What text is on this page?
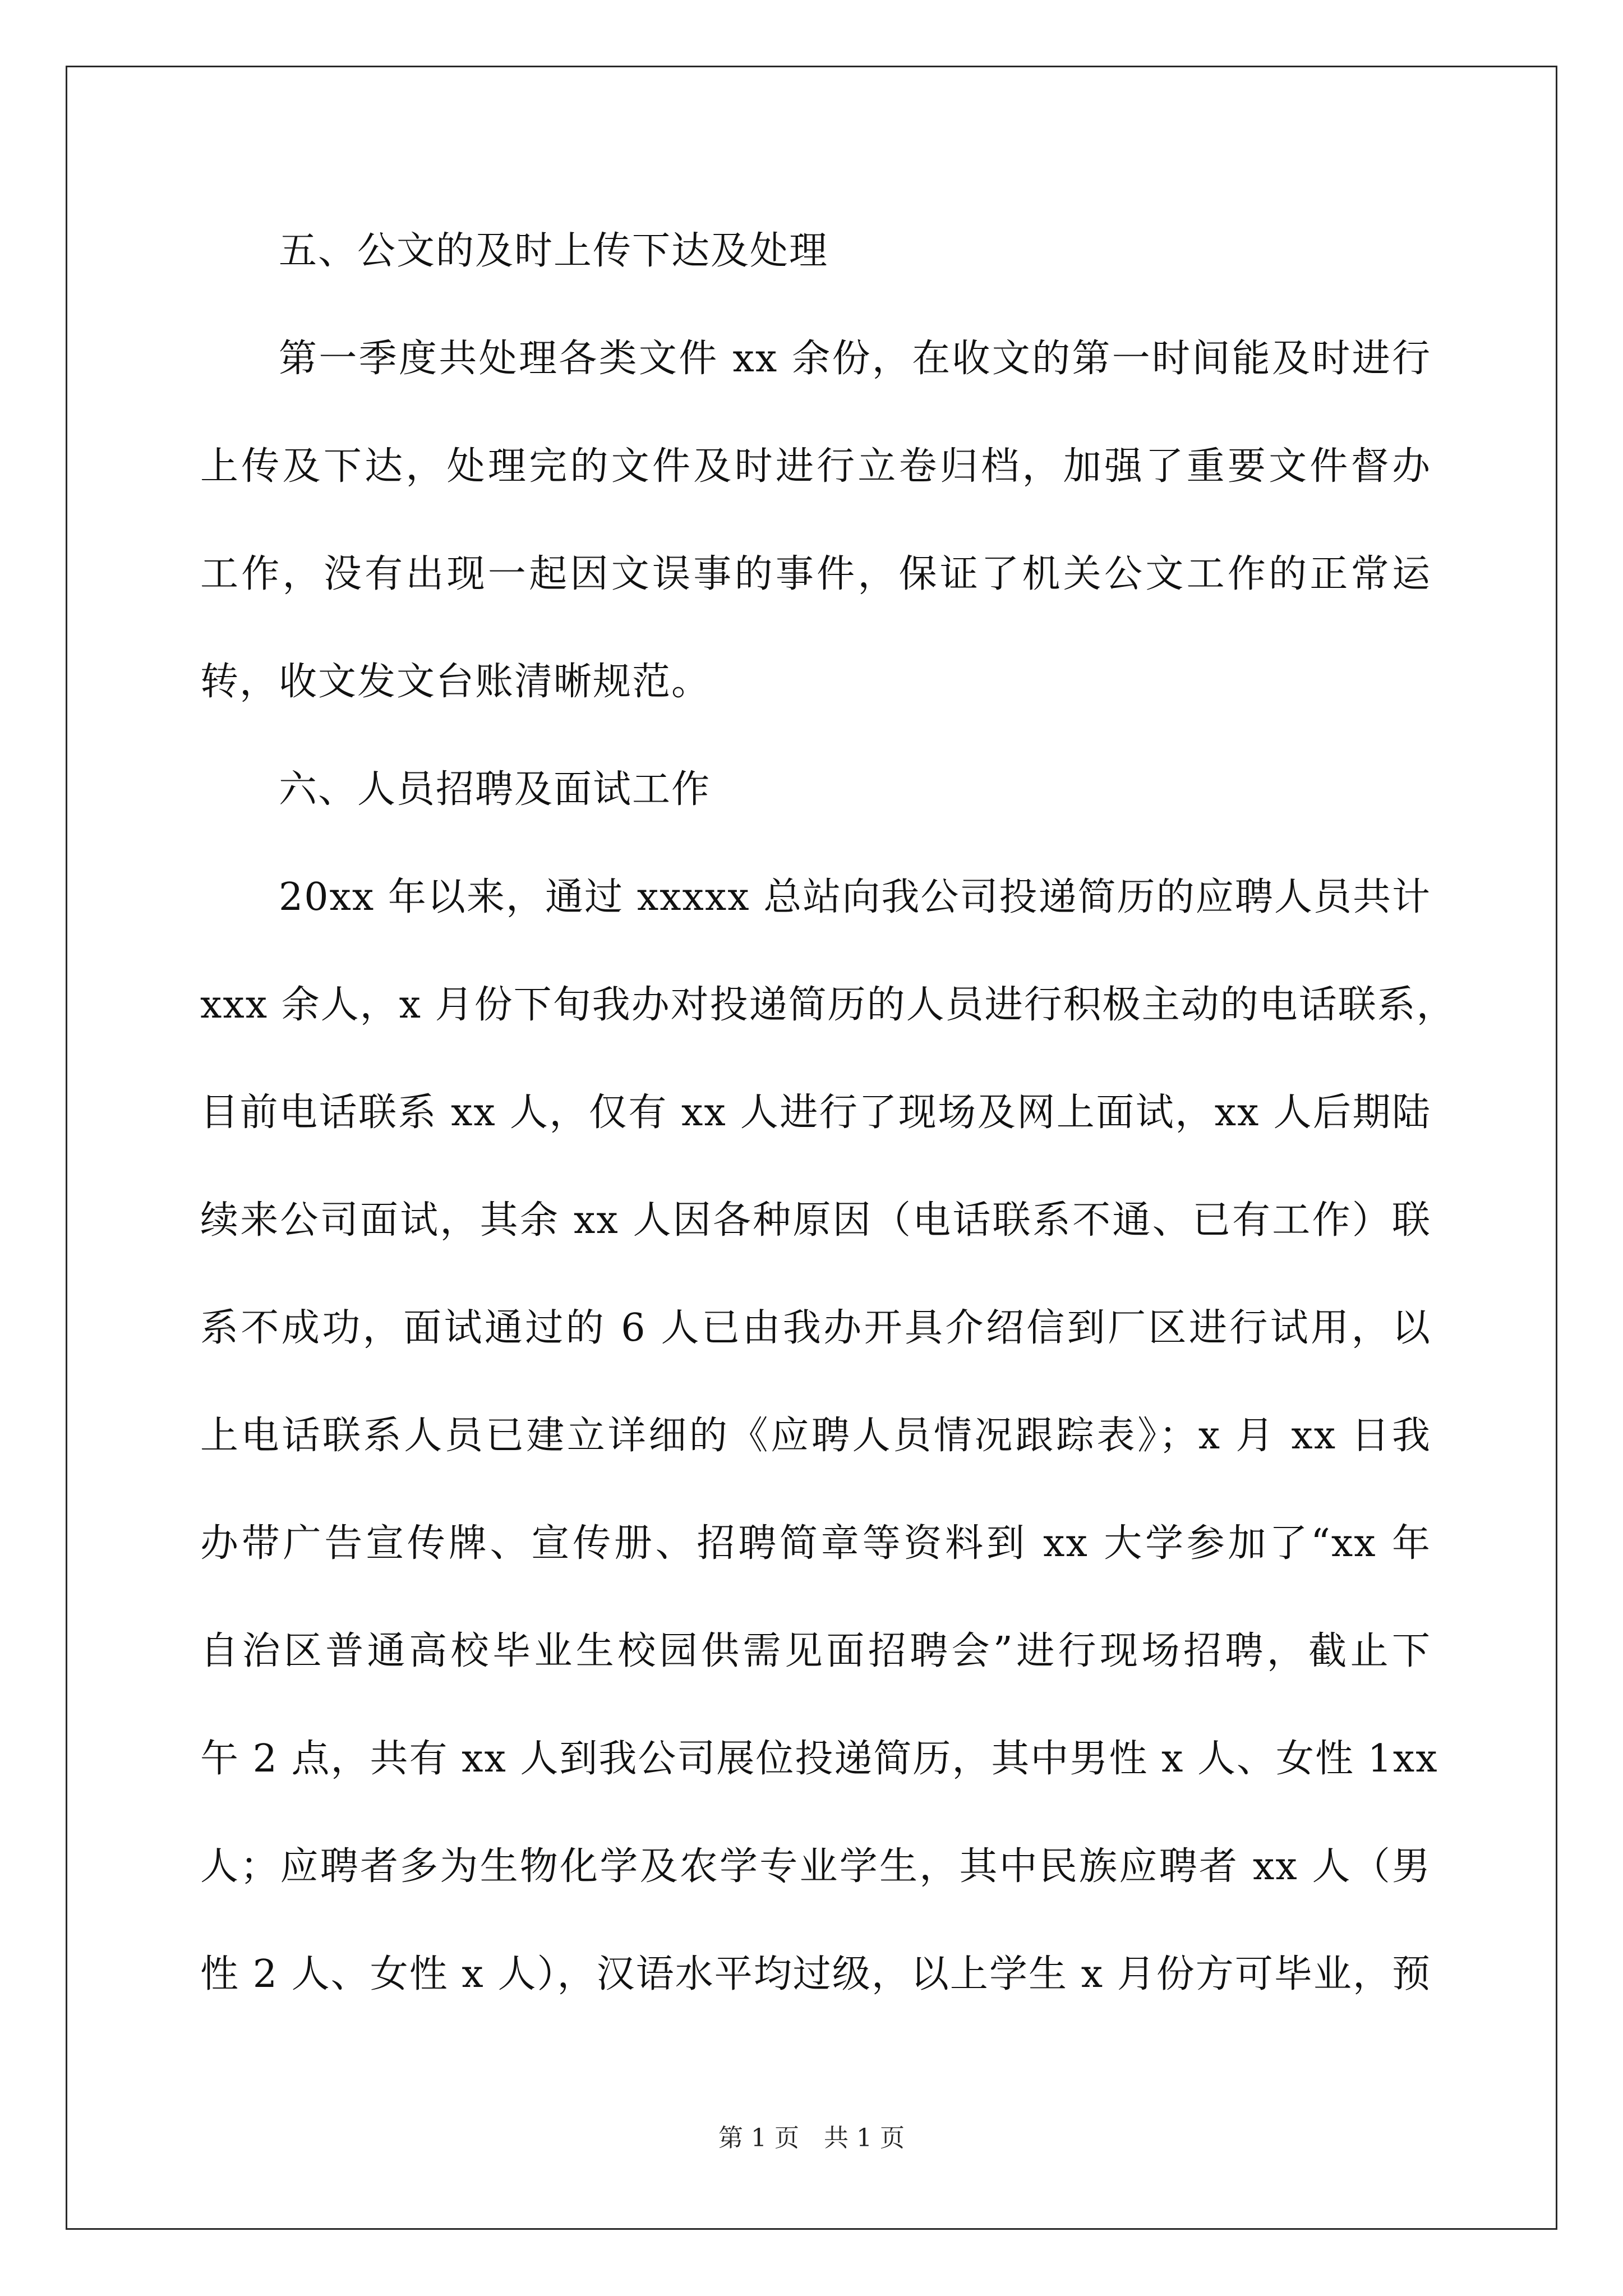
五、公文的及时上传下达及处理
第一季度共处理各类文件 xx 余份，在收文的第一时间能及时进行
上传及下达，处理完的文件及时进行立卷归档，加强了重要文件督办
工作，没有出现一起因文误事的事件，保证了机关公文工作的正常运
转，收文发文台账清晰规范。
六、人员招聘及面试工作
20xx 年以来，通过 xxxxx 总站向我公司投递简历的应聘人员共计
xxx 余人，x 月份下旬我办对投递简历的人员进行积极主动的电话联系，
目前电话联系 xx 人，仅有 xx 人进行了现场及网上面试，xx 人后期陆
续来公司面试，其余 xx 人因各种原因（电话联系不通、已有工作）联
系不成功，面试通过的 6 人已由我办开具介绍信到厂区进行试用，以
上电话联系人员已建立详细的《应聘人员情况跟踪表》；x 月 xx 日我
办带广告宣传牌、宣传册、招聘简章等资料到 xx 大学参加了“xx 年
自治区普通高校毕业生校园供需见面招聘会”进行现场招聘，截止下
午 2 点，共有 xx 人到我公司展位投递简历，其中男性 x 人、女性 1xx
人；应聘者多为生物化学及农学专业学生，其中民族应聘者 xx 人（男
性 2 人、女性 x 人），汉语水平均过级，以上学生 x 月份方可毕业，预
第 1 页　共 1 页
